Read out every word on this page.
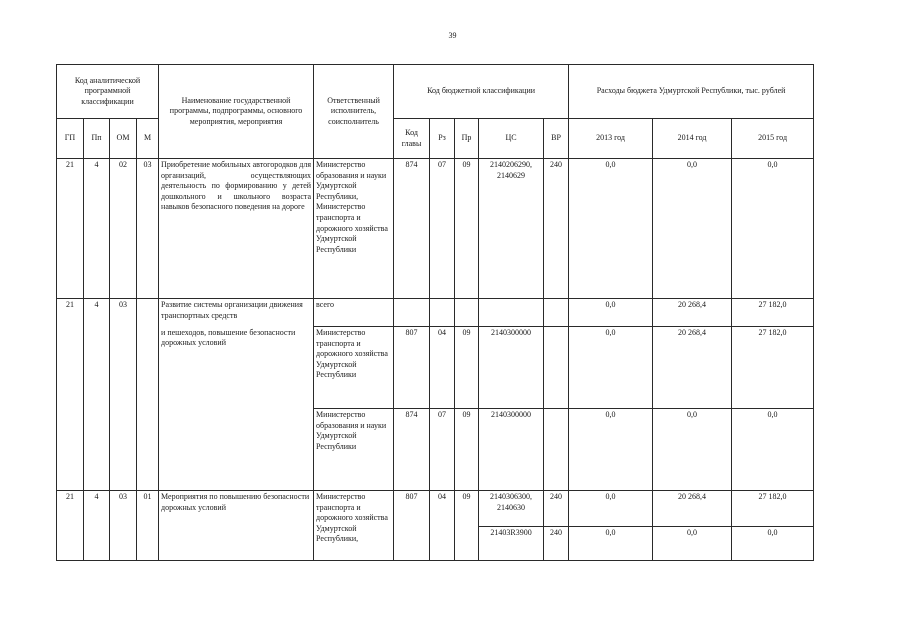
39
Код аналитической программной классификации				Наименование государственной программы, подпрограммы, основного мероприятия, мероприятия	Ответственный исполнитель, соисполнитель	Код бюджетной классификации					Расходы бюджета Удмуртской Республики, тыс. рублей		
ГП	Пп	ОМ	М			Код главы	Рз	Пр	ЦС	ВР	2013 год	2014 год	2015 год
21	4	02	03	Приобретение мобильных автогородков для организаций, осуществляющих деятельность по формированию у детей дошкольного и школьного возраста навыков безопасного поведения на дороге	Министерство образования и науки Удмуртской Республики, Министерство транспорта и дорожного хозяйства Удмуртской Республики	874	07	09	2140206290, 2140629	240	0,0	0,0	0,0
21	4	03		Развитие системы организации движения транспортных средств	всего						0,0	20 268,4	27 182,0
				и пешеходов, повышение безопасности дорожных условий	Министерство транспорта и дорожного хозяйства Удмуртской Республики	807	04	09	2140300000		0,0	20 268,4	27 182,0
					Министерство образования и науки Удмуртской Республики	874	07	09	2140300000		0,0	0,0	0,0
21	4	03	01	Мероприятия по повышению безопасности дорожных условий	Министерство транспорта и дорожного хозяйства Удмуртской Республики,	807	04	09	2140306300, 2140630	240	0,0	20 268,4	27 182,0
									21403R3900	240	0,0	0,0	0,0
